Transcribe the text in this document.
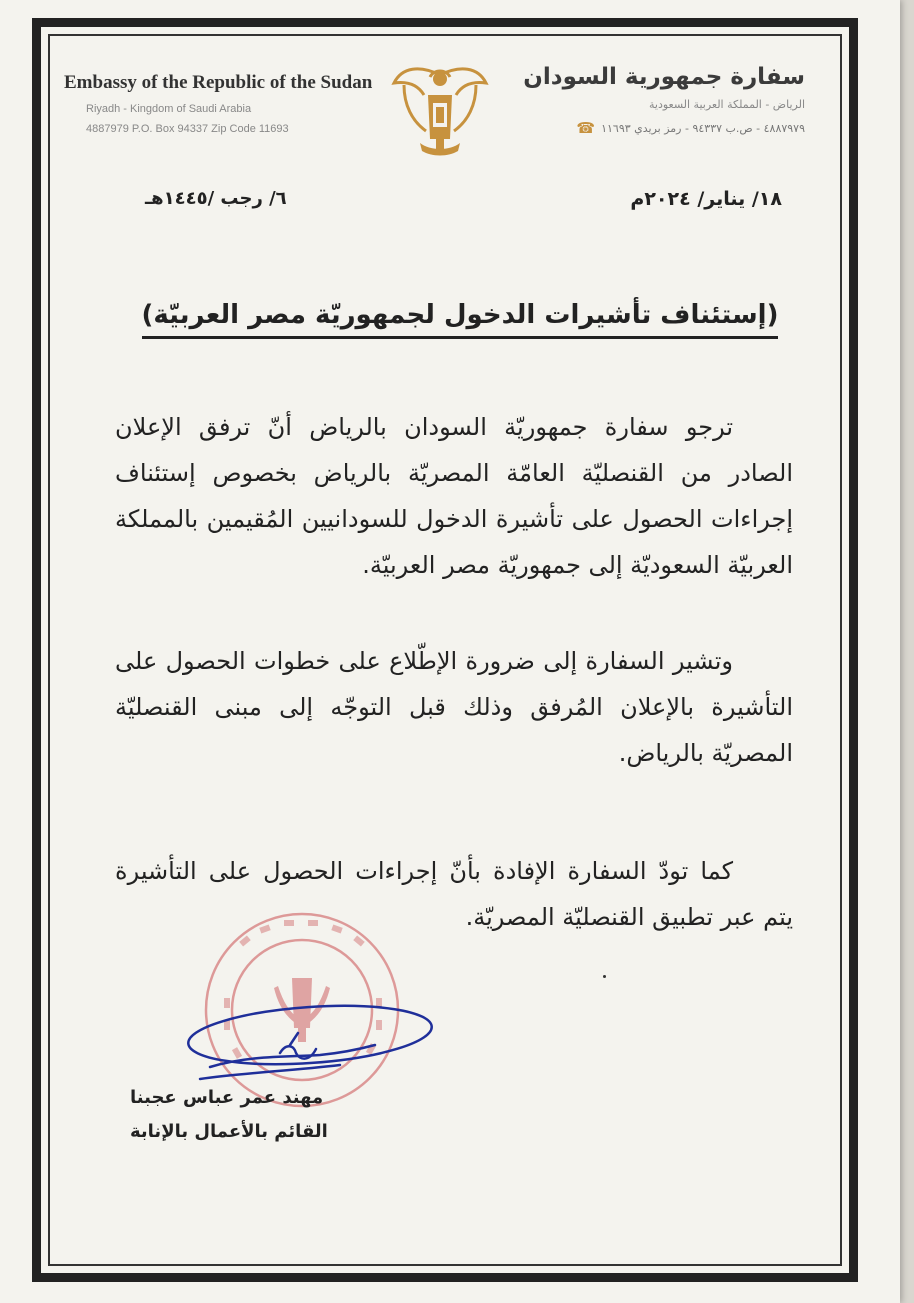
Embassy of the Republic of the Sudan
Riyadh - Kingdom of Saudi Arabia
4887979 P.O. Box 94337 Zip Code 11693
سفارة جمهورية السودان
الرياض - المملكة العربية السعودية
٤٨٨٧٩٧٩ - ص.ب ٩٤٣٣٧ - رمز بريدي ١١٦٩٣
☎
١٨/ يناير/ ٢٠٢٤م
٦/ رجب /١٤٤٥هـ
(إستئناف تأشيرات الدخول لجمهوريّة مصر العربيّة)
ترجو سفارة جمهوريّة السودان بالرياض أنّ ترفق الإعلان الصادر من القنصليّة العامّة المصريّة بالرياض بخصوص إستئناف إجراءات الحصول على تأشيرة الدخول للسودانيين المُقيمين بالمملكة العربيّة السعوديّة إلى جمهوريّة مصر العربيّة.
وتشير السفارة إلى ضرورة الإطّلاع على خطوات الحصول على التأشيرة بالإعلان المُرفق وذلك قبل التوجّه إلى مبنى القنصليّة المصريّة بالرياض.
كما تودّ السفارة الإفادة بأنّ إجراءات الحصول على التأشيرة يتم عبر تطبيق القنصليّة المصريّة.
مهند عمر عباس عجبنا
القائم بالأعمال بالإنابة
